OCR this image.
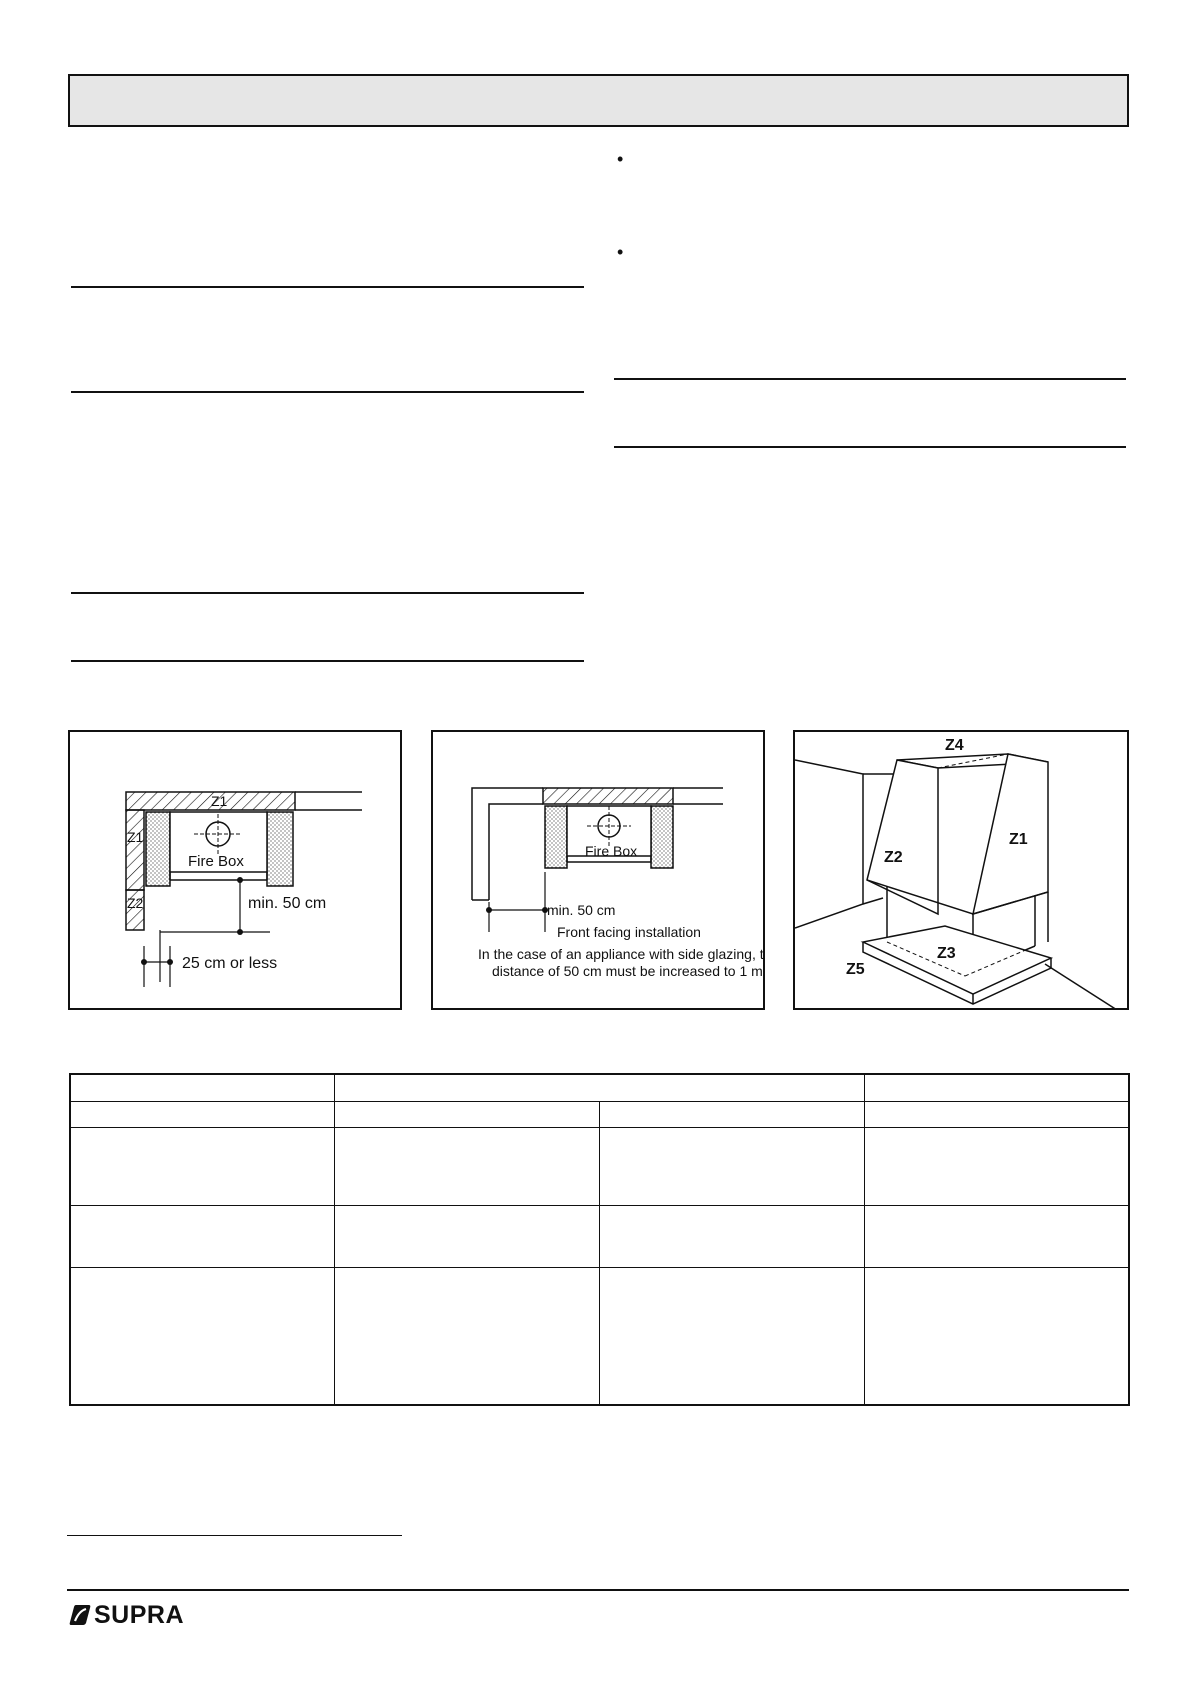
•
•
Z1
Z1
Z2
Fire Box
min. 50 cm
25 cm or less
Fire Box
min. 50 cm
Front facing installation
In the case of an appliance with side glazing, t
distance of 50 cm must be increased to 1 m
Z4
Z1
Z2
Z3
Z5
SUPRA
